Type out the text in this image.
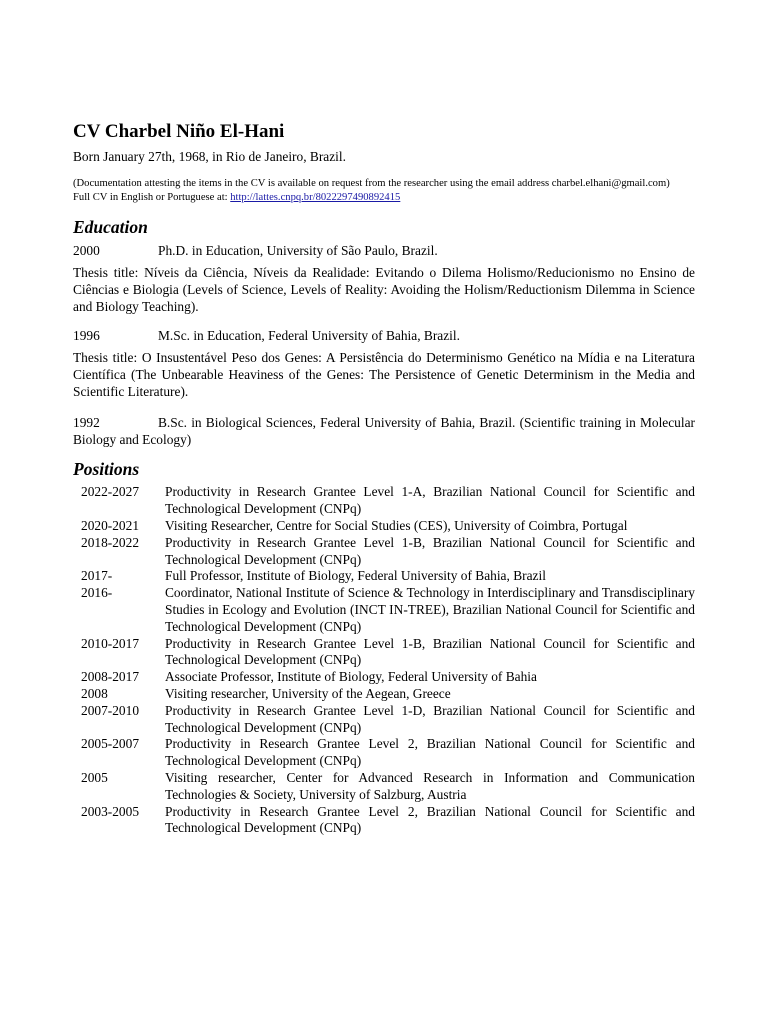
CV Charbel Niño El-Hani

Born January 27th, 1968, in Rio de Janeiro, Brazil.

(Documentation attesting the items in the CV is available on request from the researcher using the email address charbel.elhani@gmail.com)

Full CV in English or Portuguese at: http://lattes.cnpq.br/8022297490892415

Education
2000	Ph.D. in Education, University of São Paulo, Brazil.

Thesis title: Níveis da Ciência, Níveis da Realidade: Evitando o Dilema Holismo/Reducionismo no Ensino de Ciências e Biologia (Levels of Science, Levels of Reality: Avoiding the Holism/Reductionism Dilemma in Science and Biology Teaching).

1996	M.Sc. in Education, Federal University of Bahia, Brazil.

Thesis title: O Insustentável Peso dos Genes: A Persistência do Determinismo Genético na Mídia e na Literatura Científica (The Unbearable Heaviness of the Genes: The Persistence of Genetic Determinism in the Media and Scientific Literature).

1992	B.Sc. in Biological Sciences, Federal University of Bahia, Brazil. (Scientific training in Molecular Biology and Ecology)

Positions
2022-2027	Productivity in Research Grantee Level 1-A, Brazilian National Council for Scientific and Technological Development (CNPq)
2020-2021	Visiting Researcher, Centre for Social Studies (CES), University of Coimbra, Portugal
2018-2022	Productivity in Research Grantee Level 1-B, Brazilian National Council for Scientific and Technological Development (CNPq)
2017-	Full Professor, Institute of Biology, Federal University of Bahia, Brazil
2016-	Coordinator, National Institute of Science & Technology in Interdisciplinary and Transdisciplinary Studies in Ecology and Evolution (INCT IN-TREE), Brazilian National Council for Scientific and Technological Development (CNPq)
2010-2017	Productivity in Research Grantee Level 1-B, Brazilian National Council for Scientific and Technological Development (CNPq)
2008-2017	Associate Professor, Institute of Biology, Federal University of Bahia
2008	Visiting researcher, University of the Aegean, Greece
2007-2010	Productivity in Research Grantee Level 1-D, Brazilian National Council for Scientific and Technological Development (CNPq)
2005-2007	Productivity in Research Grantee Level 2, Brazilian National Council for Scientific and Technological Development (CNPq)
2005	Visiting researcher, Center for Advanced Research in Information and Communication Technologies & Society, University of Salzburg, Austria
2003-2005	Productivity in Research Grantee Level 2, Brazilian National Council for Scientific and Technological Development (CNPq)
